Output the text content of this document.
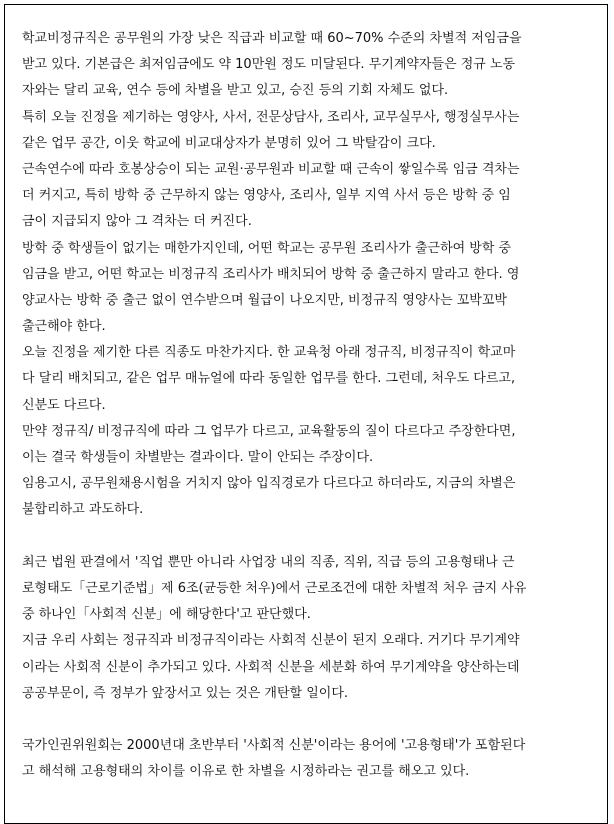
학교비정규직은 공무원의 가장 낮은 직급과 비교할 때 60~70% 수준의 차별적 저임금을
받고 있다. 기본급은 최저임금에도 약 10만원 정도 미달된다. 무기계약자들은 정규 노동
자와는 달리 교육, 연수 등에 차별을 받고 있고, 승진 등의 기회 자체도 없다.
특히 오늘 진정을 제기하는 영양사, 사서, 전문상담사, 조리사, 교무실무사, 행정실무사는
같은 업무 공간, 이웃 학교에 비교대상자가 분명히 있어 그 박탈감이 크다.
근속연수에 따라 호봉상승이 되는 교원·공무원과 비교할 때 근속이 쌓일수록 임금 격차는
더 커지고, 특히 방학 중 근무하지 않는 영양사, 조리사, 일부 지역 사서 등은 방학 중 임
금이 지급되지 않아 그 격차는 더 커진다.
방학 중 학생들이 없기는 매한가지인데, 어떤 학교는 공무원 조리사가 출근하여 방학 중
임금을 받고, 어떤 학교는 비정규직 조리사가 배치되어 방학 중 출근하지 말라고 한다. 영
양교사는 방학 중 출근 없이 연수받으며 월급이 나오지만, 비정규직 영양사는 꼬박꼬박
출근해야 한다.
오늘 진정을 제기한 다른 직종도 마찬가지다. 한 교육청 아래 정규직, 비정규직이 학교마
다 달리 배치되고, 같은 업무 매뉴얼에 따라 동일한 업무를 한다. 그런데, 처우도 다르고,
신분도 다르다.
만약 정규직/ 비정규직에 따라 그 업무가 다르고, 교육활동의 질이 다르다고 주장한다면,
이는 결국 학생들이 차별받는 결과이다. 말이 안되는 주장이다.
임용고시, 공무원채용시험을 거치지 않아 입직경로가 다르다고 하더라도, 지금의 차별은
불합리하고 과도하다.
최근 법원 판결에서 '직업 뿐만 아니라 사업장 내의 직종, 직위, 직급 등의 고용형태나 근
로형태도「근로기준법」제 6조(균등한 처우)에서 근로조건에 대한 차별적 처우 금지 사유
중 하나인「사회적 신분」에 해당한다'고 판단했다.
지금 우리 사회는 정규직과 비정규직이라는 사회적 신분이 된지 오래다. 거기다 무기계약
이라는 사회적 신분이 추가되고 있다. 사회적 신분을 세분화 하여 무기계약을 양산하는데
공공부문이, 즉 정부가 앞장서고 있는 것은 개탄할 일이다.
국가인권위원회는 2000년대 초반부터 '사회적 신분'이라는 용어에 '고용형태'가 포함된다
고 해석해 고용형태의 차이를 이유로 한 차별을 시정하라는 권고를 해오고 있다.
